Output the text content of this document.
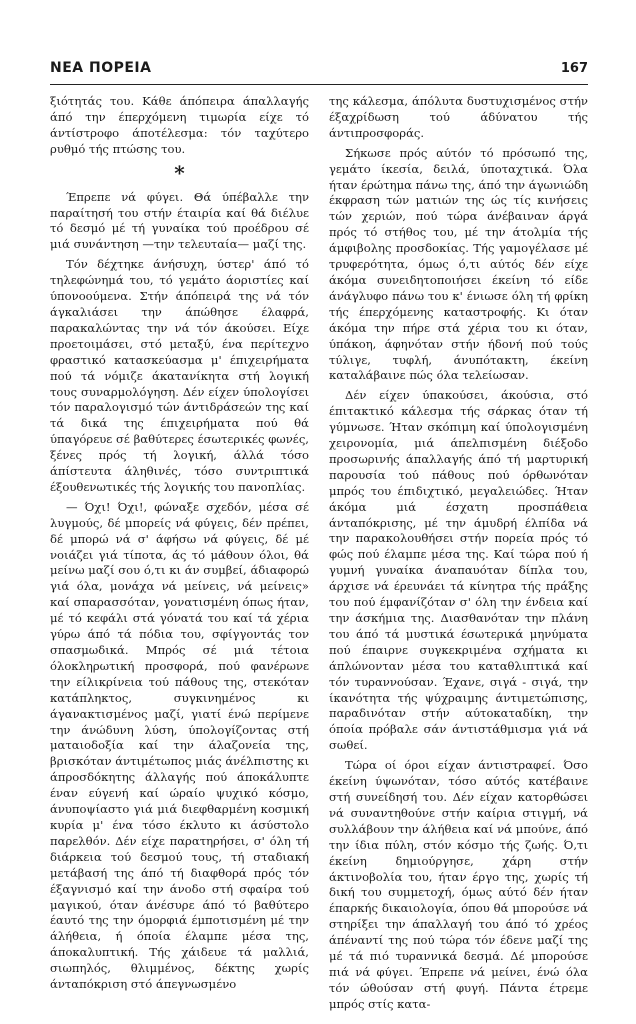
ΝΕΑ ΠΟΡΕΙΑ	167

ξιότητάς του. Κάθε άπόπειρα άπαλλαγής άπό την έπερχόμενη τιμωρία είχε τό άντίστροφο άποτέλεσμα: τόν ταχύτερο ρυθμό τής πτώσης του.

*

Έπρεπε νά φύγει. Θά ύπέβαλλε την παραίτησή του στήν έταιρία καί θά διέλυε τό δεσμό μέ τή γυναίκα τού προέδρου σέ μιά συνάντηση —την τελευταία— μαζί της.

Τόν δέχτηκε άνήσυχη, ύστερ' άπό τό τηλεφώνημά του, τό γεμάτο άοριστίες καί ύπονοούμενα. Στήν άπόπειρά της νά τόν άγκαλιάσει την άπώθησε έλαφρά, παρακαλώντας την νά τόν άκούσει. Είχε προετοιμάσει, στό μεταξύ, ένα περίτεχνο φραστικό κατασκεύασμα μ' έπιχειρήματα πού τά νόμιζε άκατανίκητα στή λογική τους συναρμολόγηση. Δέν είχεν ύπολογίσει τόν παραλογισμό τών άντιδράσεών της καί τά δικά της έπιχειρήματα πού θά ύπαγόρευε σέ βαθύτερες έσωτερικές φωνές, ξένες πρός τή λογική, άλλά τόσο άπίστευτα άληθινές, τόσο συντριπτικά έξουθενωτικές τής λογικής του πανοπλίας.

— Όχι! Όχι!, φώναξε σχεδόν, μέσα σέ λυγμούς, δέ μπορείς νά φύγεις, δέν πρέπει, δέ μπορώ νά σ' άφήσω νά φύγεις, δέ μέ νοιάζει γιά τίποτα, άς τό μάθουν όλοι, θά μείνω μαζί σου ό,τι κι άν συμβεί, άδιαφορώ γιά όλα, μονάχα νά μείνεις, νά μείνεις» καί σπαρασσόταν, γονατισμένη όπως ήταν, μέ τό κεφάλι στά γόνατά του καί τά χέρια γύρω άπό τά πόδια του, σφίγγοντάς τον σπασμωδικά. Μπρός σέ μιά τέτοια όλοκληρωτική προσφορά, πού φανέρωνε την είλικρίνεια τού πάθους της, στεκόταν κατάπληκτος, συγκινημένος κι άγανακτισμένος μαζί, γιατί ένώ περίμενε την άνώδυνη λύση, ύπολογίζοντας στή ματαιοδοξία καί την άλαζονεία της, βρισκόταν άντιμέτωπος μιάς άνέλπιστης κι άπροσδόκητης άλλαγής πού άποκάλυπτε έναν εύγενή καί ώραίο ψυχικό κόσμο, άνυποψίαστο γιά μιά διεφθαρμένη κοσμική κυρία μ' ένα τόσο έκλυτο κι άσύστολο παρελθόν. Δέν είχε παρατηρήσει, σ' όλη τή διάρκεια τού δεσμού τους, τή σταδιακή μετάβασή της άπό τή διαφθορά πρός τόν έξαγνισμό καί την άνοδο στή σφαίρα τού μαγικού, όταν άνέσυρε άπό τό βαθύτερο έαυτό της την όμορφιά έμποτισμένη μέ την άλήθεια, ή όποία έλαμπε μέσα της, άποκαλυπτική. Τής χάιδευε τά μαλλιά, σιωπηλός, θλιμμένος, δέκτης χωρίς άνταπόκριση στό άπεγνωσμένο

της κάλεσμα, άπόλυτα δυστυχισμένος στήν έξαχρίδωση τού άδύνατου τής άντιπροσφοράς.

Σήκωσε πρός αύτόν τό πρόσωπό της, γεμάτο ίκεσία, δειλά, ύποταχτικά. Όλα ήταν έρώτημα πάνω της, άπό την άγωνιώδη έκφραση τών ματιών της ώς τίς κινήσεις τών χεριών, πού τώρα άνέβαιναν άργά πρός τό στήθος του, μέ την άτολμία τής άμφιβολης προσδοκίας. Τής γαμογέλασε μέ τρυφερότητα, όμως ό,τι αύτός δέν είχε άκόμα συνειδητοποιήσει έκείνη τό είδε άνάγλυφο πάνω του κ' ένιωσε όλη τή φρίκη τής έπερχόμενης καταστροφής. Κι όταν άκόμα την πήρε στά χέρια του κι όταν, ύπάκοη, άφηνόταν στήν ήδονή πού τούς τύλιγε, τυφλή, άνυπότακτη, έκείνη καταλάβαινε πώς όλα τελείωσαν.

Δέν είχεν ύπακούσει, άκούσια, στό έπιτακτικό κάλεσμα τής σάρκας όταν τή γύμνωσε. Ήταν σκόπιμη καί ύπολογισμένη χειρονομία, μιά άπελπισμένη διέξοδο προσωρινής άπαλλαγής άπό τή μαρτυρική παρουσία τού πάθους πού όρθωνόταν μπρός του έπιδιχτικό, μεγαλειώδες. Ήταν άκόμα μιά έσχατη προσπάθεια άνταπόκρισης, μέ την άμυδρή έλπίδα νά την παρακολουθήσει στήν πορεία πρός τό φώς πού έλαμπε μέσα της. Καί τώρα πού ή γυμνή γυναίκα άναπαυόταν δίπλα του, άρχισε νά έρευνάει τά κίνητρα τής πράξης του πού έμφανίζόταν σ' όλη την ένδεια καί την άσκήμια της. Διασθανόταν την πλάνη του άπό τά μυστικά έσωτερικά μηνύματα πού έπαιρνε συγκεκριμένα σχήματα κι άπλώνονταν μέσα του καταθλιπτικά καί τόν τυραννούσαν. Έχανε, σιγά - σιγά, την ίκανότητα τής ψύχραιμης άντιμετώπισης, παραδινόταν στήν αύτοκαταδίκη, την όποία πρόβαλε σάν άντιστάθμισμα γιά νά σωθεί.

Τώρα οί όροι είχαν άντιστραφεί. Όσο έκείνη ύψωνόταν, τόσο αύτός κατέβαινε στή συνείδησή του. Δέν είχαν κατορθώσει νά συναντηθούνε στήν καίρια στιγμή, νά συλλάβουν την άλήθεια καί νά μπούνε, άπό την ίδια πύλη, στόν κόσμο τής ζωής. Ό,τι έκείνη δημιούργησε, χάρη στήν άκτινοβολία του, ήταν έργο της, χωρίς τή δική του συμμετοχή, όμως αύτό δέν ήταν έπαρκής δικαιολογία, όπου θά μπορούσε νά στηρίξει την άπαλλαγή του άπό τό χρέος άπέναντί της πού τώρα τόν έδενε μαζί της μέ τά πιό τυραννικά δεσμά. Δέ μπορούσε πιά νά φύγει. Έπρεπε νά μείνει, ένώ όλα τόν ώθούσαν στή φυγή. Πάντα έτρεμε μπρός στίς κατα-
